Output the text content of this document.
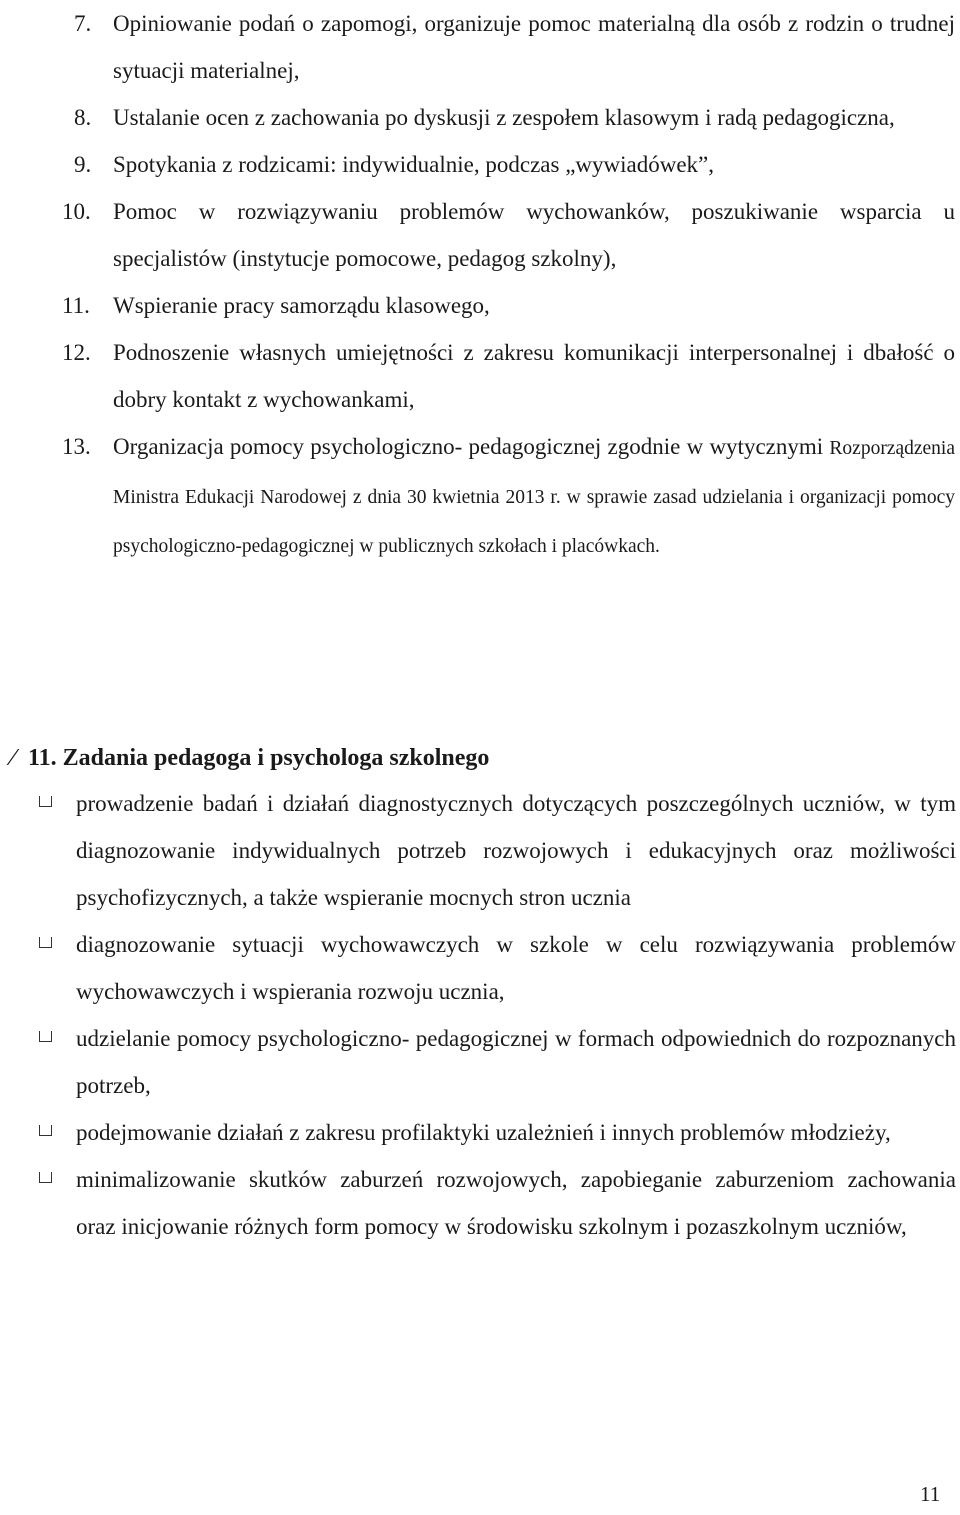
7. Opiniowanie podań o zapomogi, organizuje pomoc materialną dla osób z rodzin o trudnej sytuacji materialnej,
8. Ustalanie ocen z zachowania po dyskusji z zespołem klasowym i radą pedagogiczna,
9. Spotykania z rodzicami: indywidualnie, podczas „wywiadówek”,
10. Pomoc w rozwiązywaniu problemów wychowanków, poszukiwanie wsparcia u specjalistów (instytucje pomocowe, pedagog szkolny),
11. Wspieranie pracy samorządu klasowego,
12. Podnoszenie własnych umiejętności z zakresu komunikacji interpersonalnej i dbałość o dobry kontakt z wychowankami,
13. Organizacja pomocy psychologiczno- pedagogicznej zgodnie w wytycznymi Rozporządzenia Ministra Edukacji Narodowej z dnia 30 kwietnia 2013 r. w sprawie zasad udzielania i organizacji pomocy psychologiczno-pedagogicznej w publicznych szkołach i placówkach.
⁄ 11. Zadania pedagoga i psychologa szkolnego
prowadzenie badań i działań diagnostycznych dotyczących poszczególnych uczniów, w tym diagnozowanie indywidualnych potrzeb rozwojowych i edukacyjnych oraz możliwości psychofizycznych, a także wspieranie mocnych stron ucznia
diagnozowanie sytuacji wychowawczych w szkole w celu rozwiązywania problemów wychowawczych i wspierania rozwoju ucznia,
udzielanie pomocy psychologiczno- pedagogicznej w formach odpowiednich do rozpoznanych potrzeb,
podejmowanie działań z zakresu profilaktyki uzależnień i innych problemów młodzieży,
minimalizowanie skutków zaburzeń rozwojowych, zapobieganie zaburzeniom zachowania oraz inicjowanie różnych form pomocy w środowisku szkolnym i pozaszkolnym uczniów,
11
